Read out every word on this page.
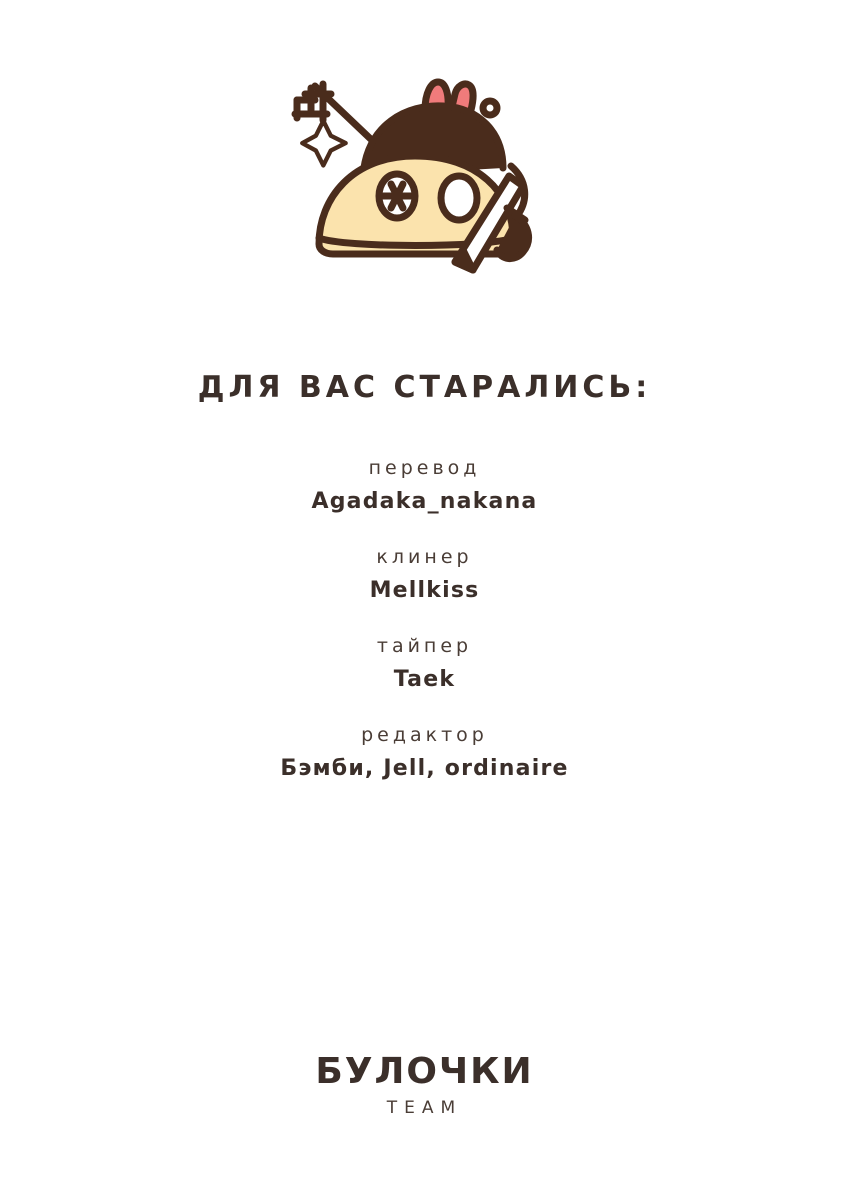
ДЛЯ ВАС СТАРАЛИСЬ:
перевод
Agadaka_nakana
клинер
Mellkiss
тайпер
Taek
редактор
Бэмби, Jell, ordinaire
БУЛОЧКИ
TEAM
